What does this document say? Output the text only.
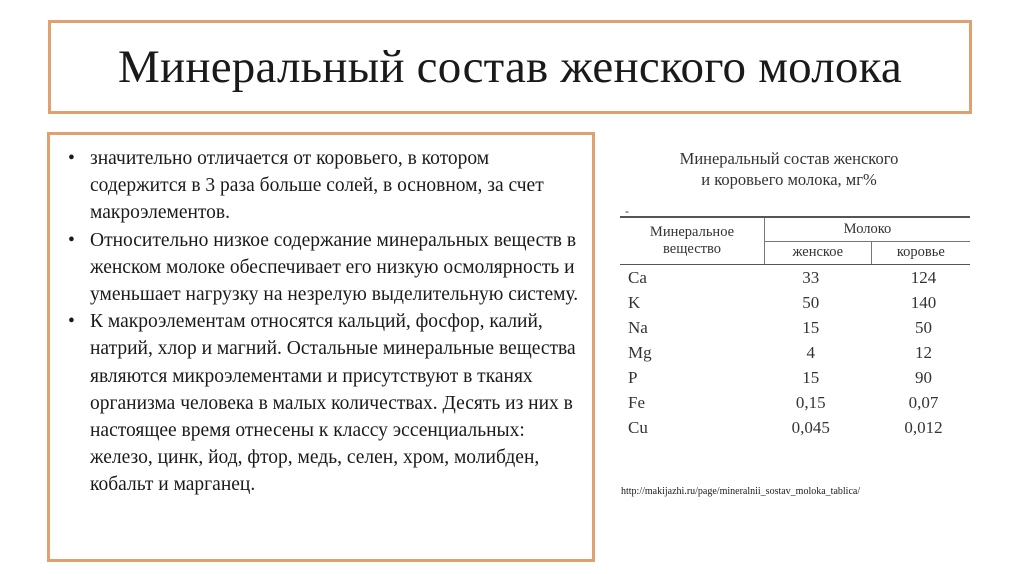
Минеральный состав женского молока
• значительно отличается от коровьего, в котором содержится в 3 раза больше солей, в основном, за счет макроэлементов.
• Относительно низкое содержание минеральных веществ в женском молоке обеспечивает его низкую осмолярность и уменьшает нагрузку на незрелую выделительную систему.
• К макроэлементам относятся кальций, фосфор, калий, натрий, хлор и магний. Остальные минеральные вещества являются микроэлементами и присутствуют в тканях организма человека в малых количествах. Десять из них в настоящее время отнесены к классу эссенциальных: железо, цинк, йод, фтор, медь, селен, хром, молибден, кобальт и марганец.
Минеральный состав женского
и коровьего молока, мг%
-
Минеральное вещество	Молоко	
	женское	коровье
Ca	33	124
K	50	140
Na	15	50
Mg	4	12
P	15	90
Fe	0,15	0,07
Cu	0,045	0,012
http://makijazhi.ru/page/mineralnii_sostav_moloka_tablica/
